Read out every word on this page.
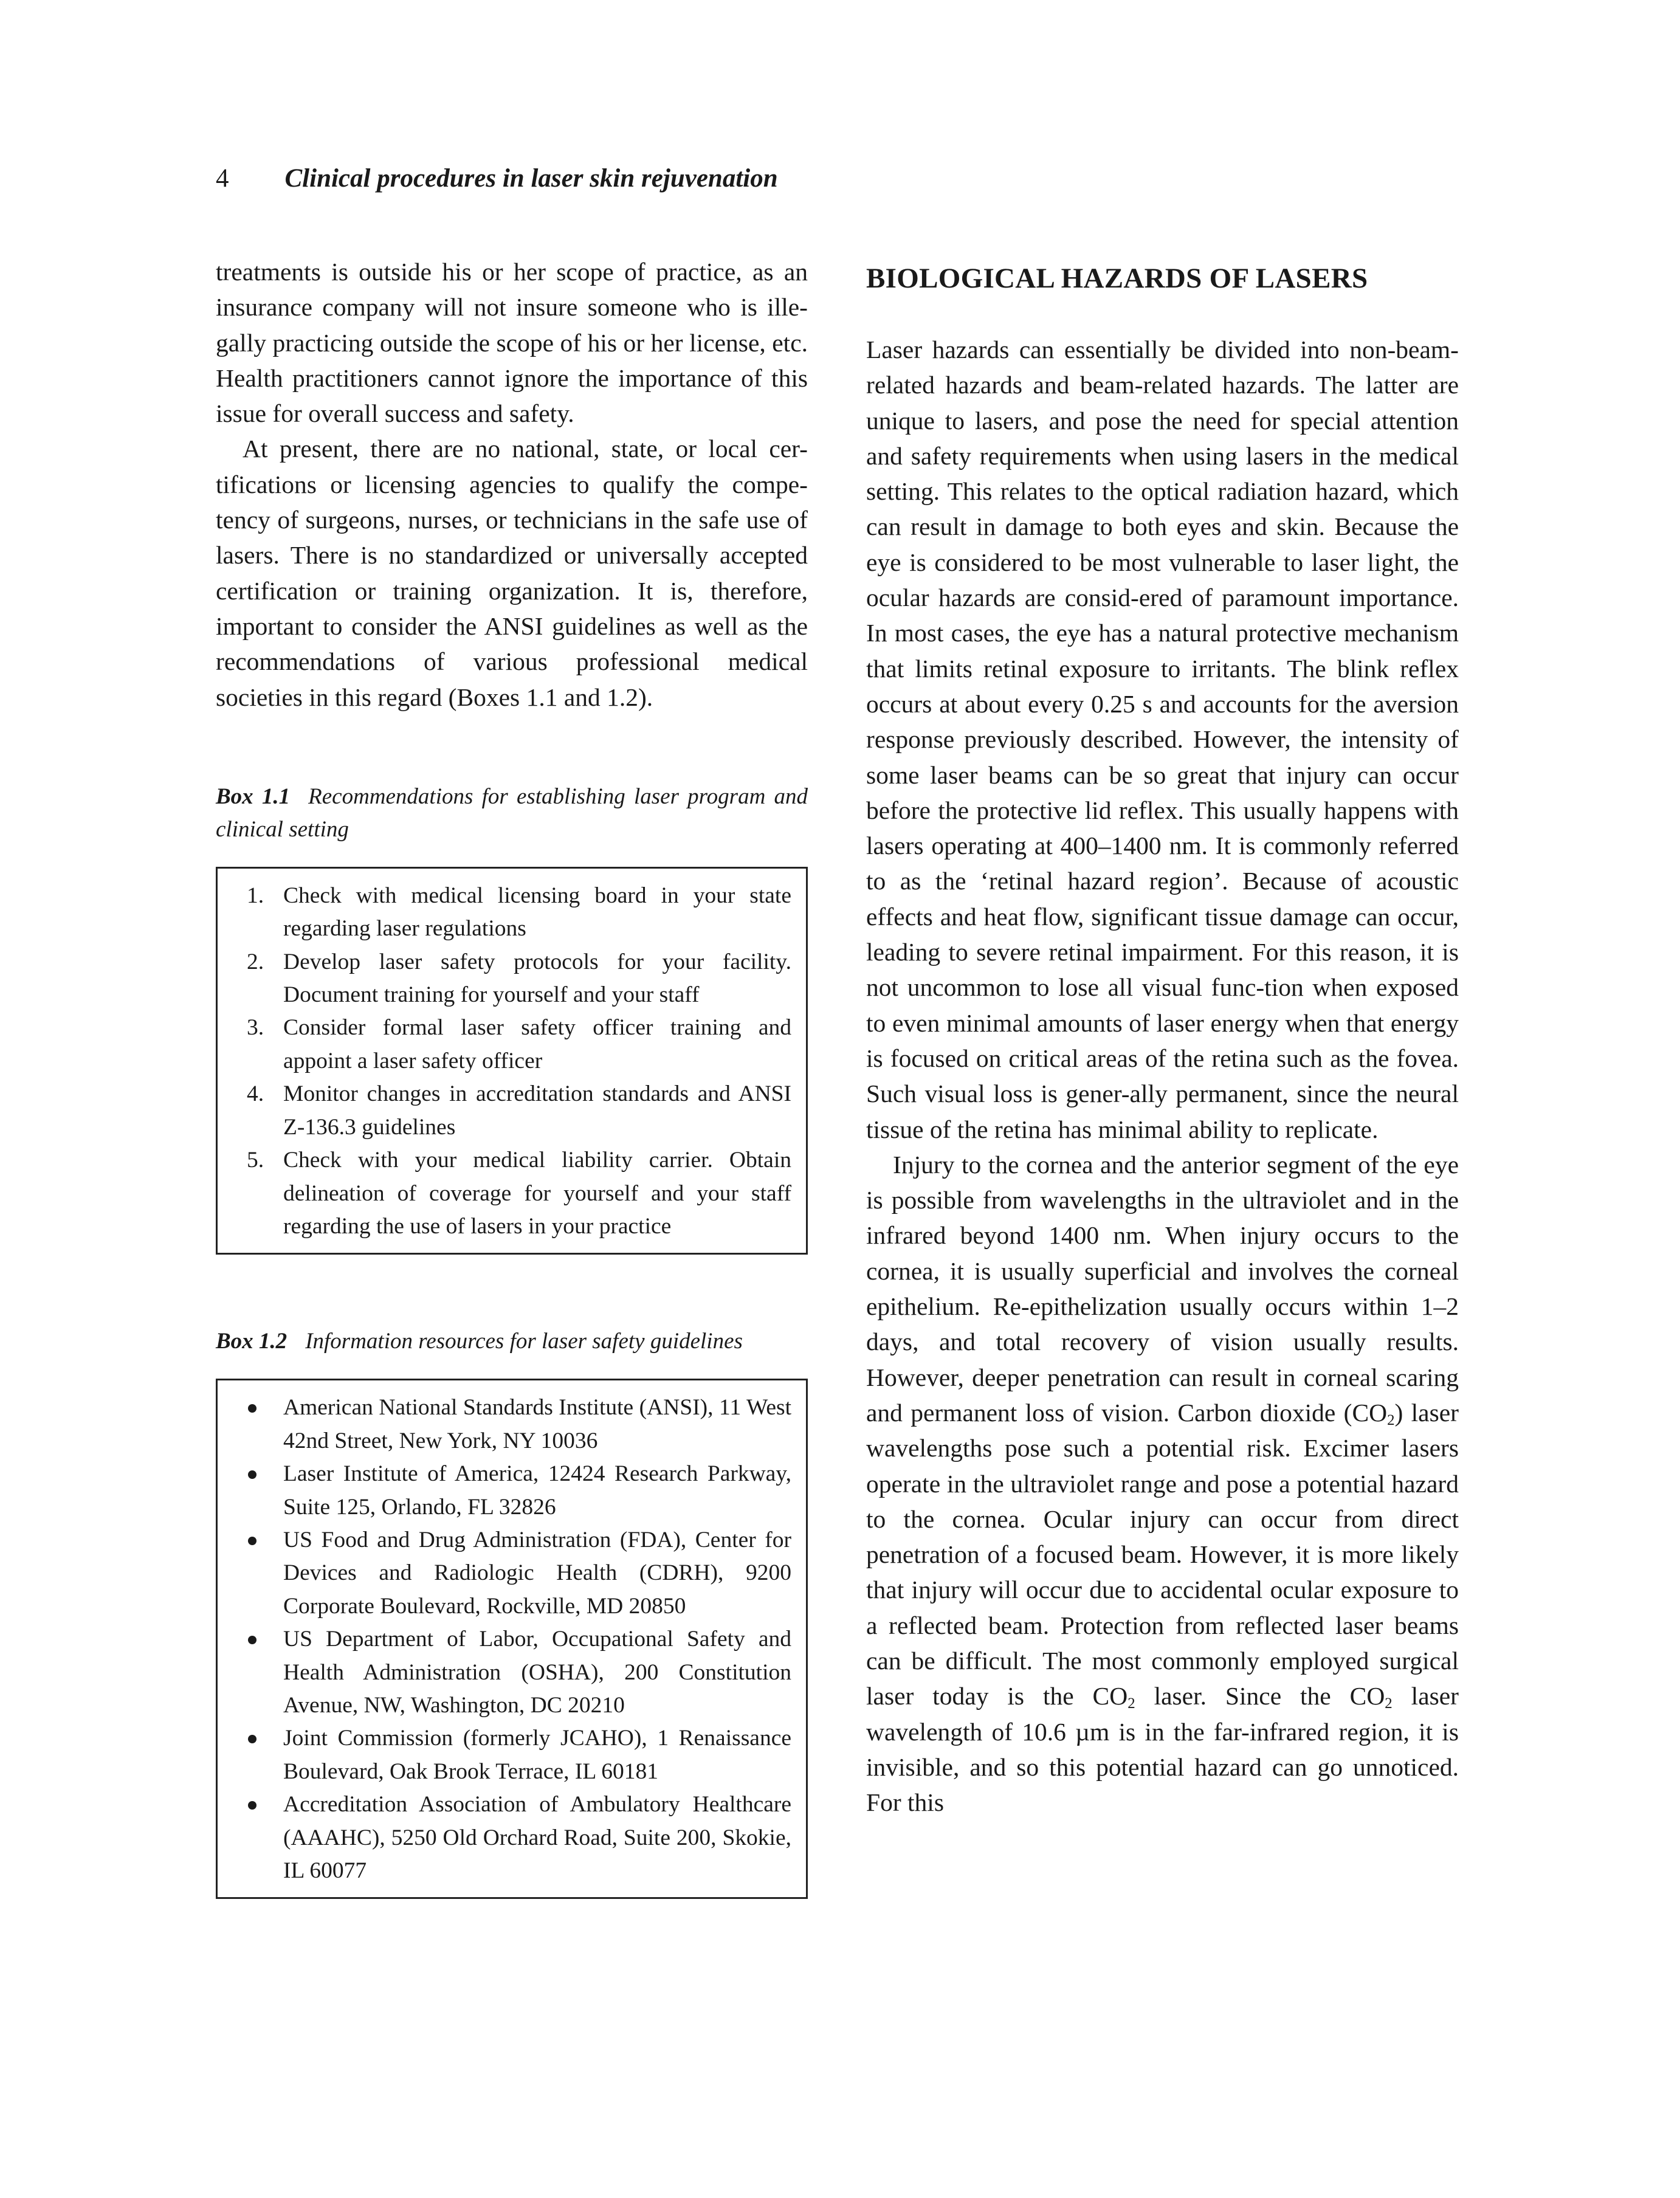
4 Clinical procedures in laser skin rejuvenation

treatments is outside his or her scope of practice, as an insurance company will not insure someone who is ille-gally practicing outside the scope of his or her license, etc. Health practitioners cannot ignore the importance of this issue for overall success and safety.

At present, there are no national, state, or local cer-tifications or licensing agencies to qualify the compe-tency of surgeons, nurses, or technicians in the safe use of lasers. There is no standardized or universally accepted certification or training organization. It is, therefore, important to consider the ANSI guidelines as well as the recommendations of various professional medical societies in this regard (Boxes 1.1 and 1.2).

Box 1.1 Recommendations for establishing laser program and clinical setting
1. Check with medical licensing board in your state regarding laser regulations
2. Develop laser safety protocols for your facility. Document training for yourself and your staff
3. Consider formal laser safety officer training and appoint a laser safety officer
4. Monitor changes in accreditation standards and ANSI Z-136.3 guidelines
5. Check with your medical liability carrier. Obtain delineation of coverage for yourself and your staff regarding the use of lasers in your practice
Box 1.2 Information resources for laser safety guidelines
American National Standards Institute (ANSI), 11 West 42nd Street, New York, NY 10036
Laser Institute of America, 12424 Research Parkway, Suite 125, Orlando, FL 32826
US Food and Drug Administration (FDA), Center for Devices and Radiologic Health (CDRH), 9200 Corporate Boulevard, Rockville, MD 20850
US Department of Labor, Occupational Safety and Health Administration (OSHA), 200 Constitution Avenue, NW, Washington, DC 20210
Joint Commission (formerly JCAHO), 1 Renaissance Boulevard, Oak Brook Terrace, IL 60181
Accreditation Association of Ambulatory Healthcare (AAAHC), 5250 Old Orchard Road, Suite 200, Skokie, IL 60077
BIOLOGICAL HAZARDS OF LASERS

Laser hazards can essentially be divided into non-beam-related hazards and beam-related hazards. The latter are unique to lasers, and pose the need for special attention and safety requirements when using lasers in the medical setting. This relates to the optical radiation hazard, which can result in damage to both eyes and skin. Because the eye is considered to be most vulnerable to laser light, the ocular hazards are consid-ered of paramount importance. In most cases, the eye has a natural protective mechanism that limits retinal exposure to irritants. The blink reflex occurs at about every 0.25 s and accounts for the aversion response previously described. However, the intensity of some laser beams can be so great that injury can occur before the protective lid reflex. This usually happens with lasers operating at 400–1400 nm. It is commonly referred to as the ‘retinal hazard region’. Because of acoustic effects and heat flow, significant tissue damage can occur, leading to severe retinal impairment. For this reason, it is not uncommon to lose all visual func-tion when exposed to even minimal amounts of laser energy when that energy is focused on critical areas of the retina such as the fovea. Such visual loss is gener-ally permanent, since the neural tissue of the retina has minimal ability to replicate.

Injury to the cornea and the anterior segment of the eye is possible from wavelengths in the ultraviolet and in the infrared beyond 1400 nm. When injury occurs to the cornea, it is usually superficial and involves the corneal epithelium. Re-epithelization usually occurs within 1–2 days, and total recovery of vision usually results. However, deeper penetration can result in corneal scaring and permanent loss of vision. Carbon dioxide $(CO_2)$ laser wavelengths pose such a potential risk. Excimer lasers operate in the ultraviolet range and pose a potential hazard to the cornea. Ocular injury can occur from direct penetration of a focused beam. However, it is more likely that injury will occur due to accidental ocular exposure to a reflected beam. Protection from reflected laser beams can be difficult. The most commonly employed surgical laser today is the $CO_2$ laser. Since the $CO_2$ laser wavelength of 10.6 µm is in the far-infrared region, it is invisible, and so this potential hazard can go unnoticed. For this
